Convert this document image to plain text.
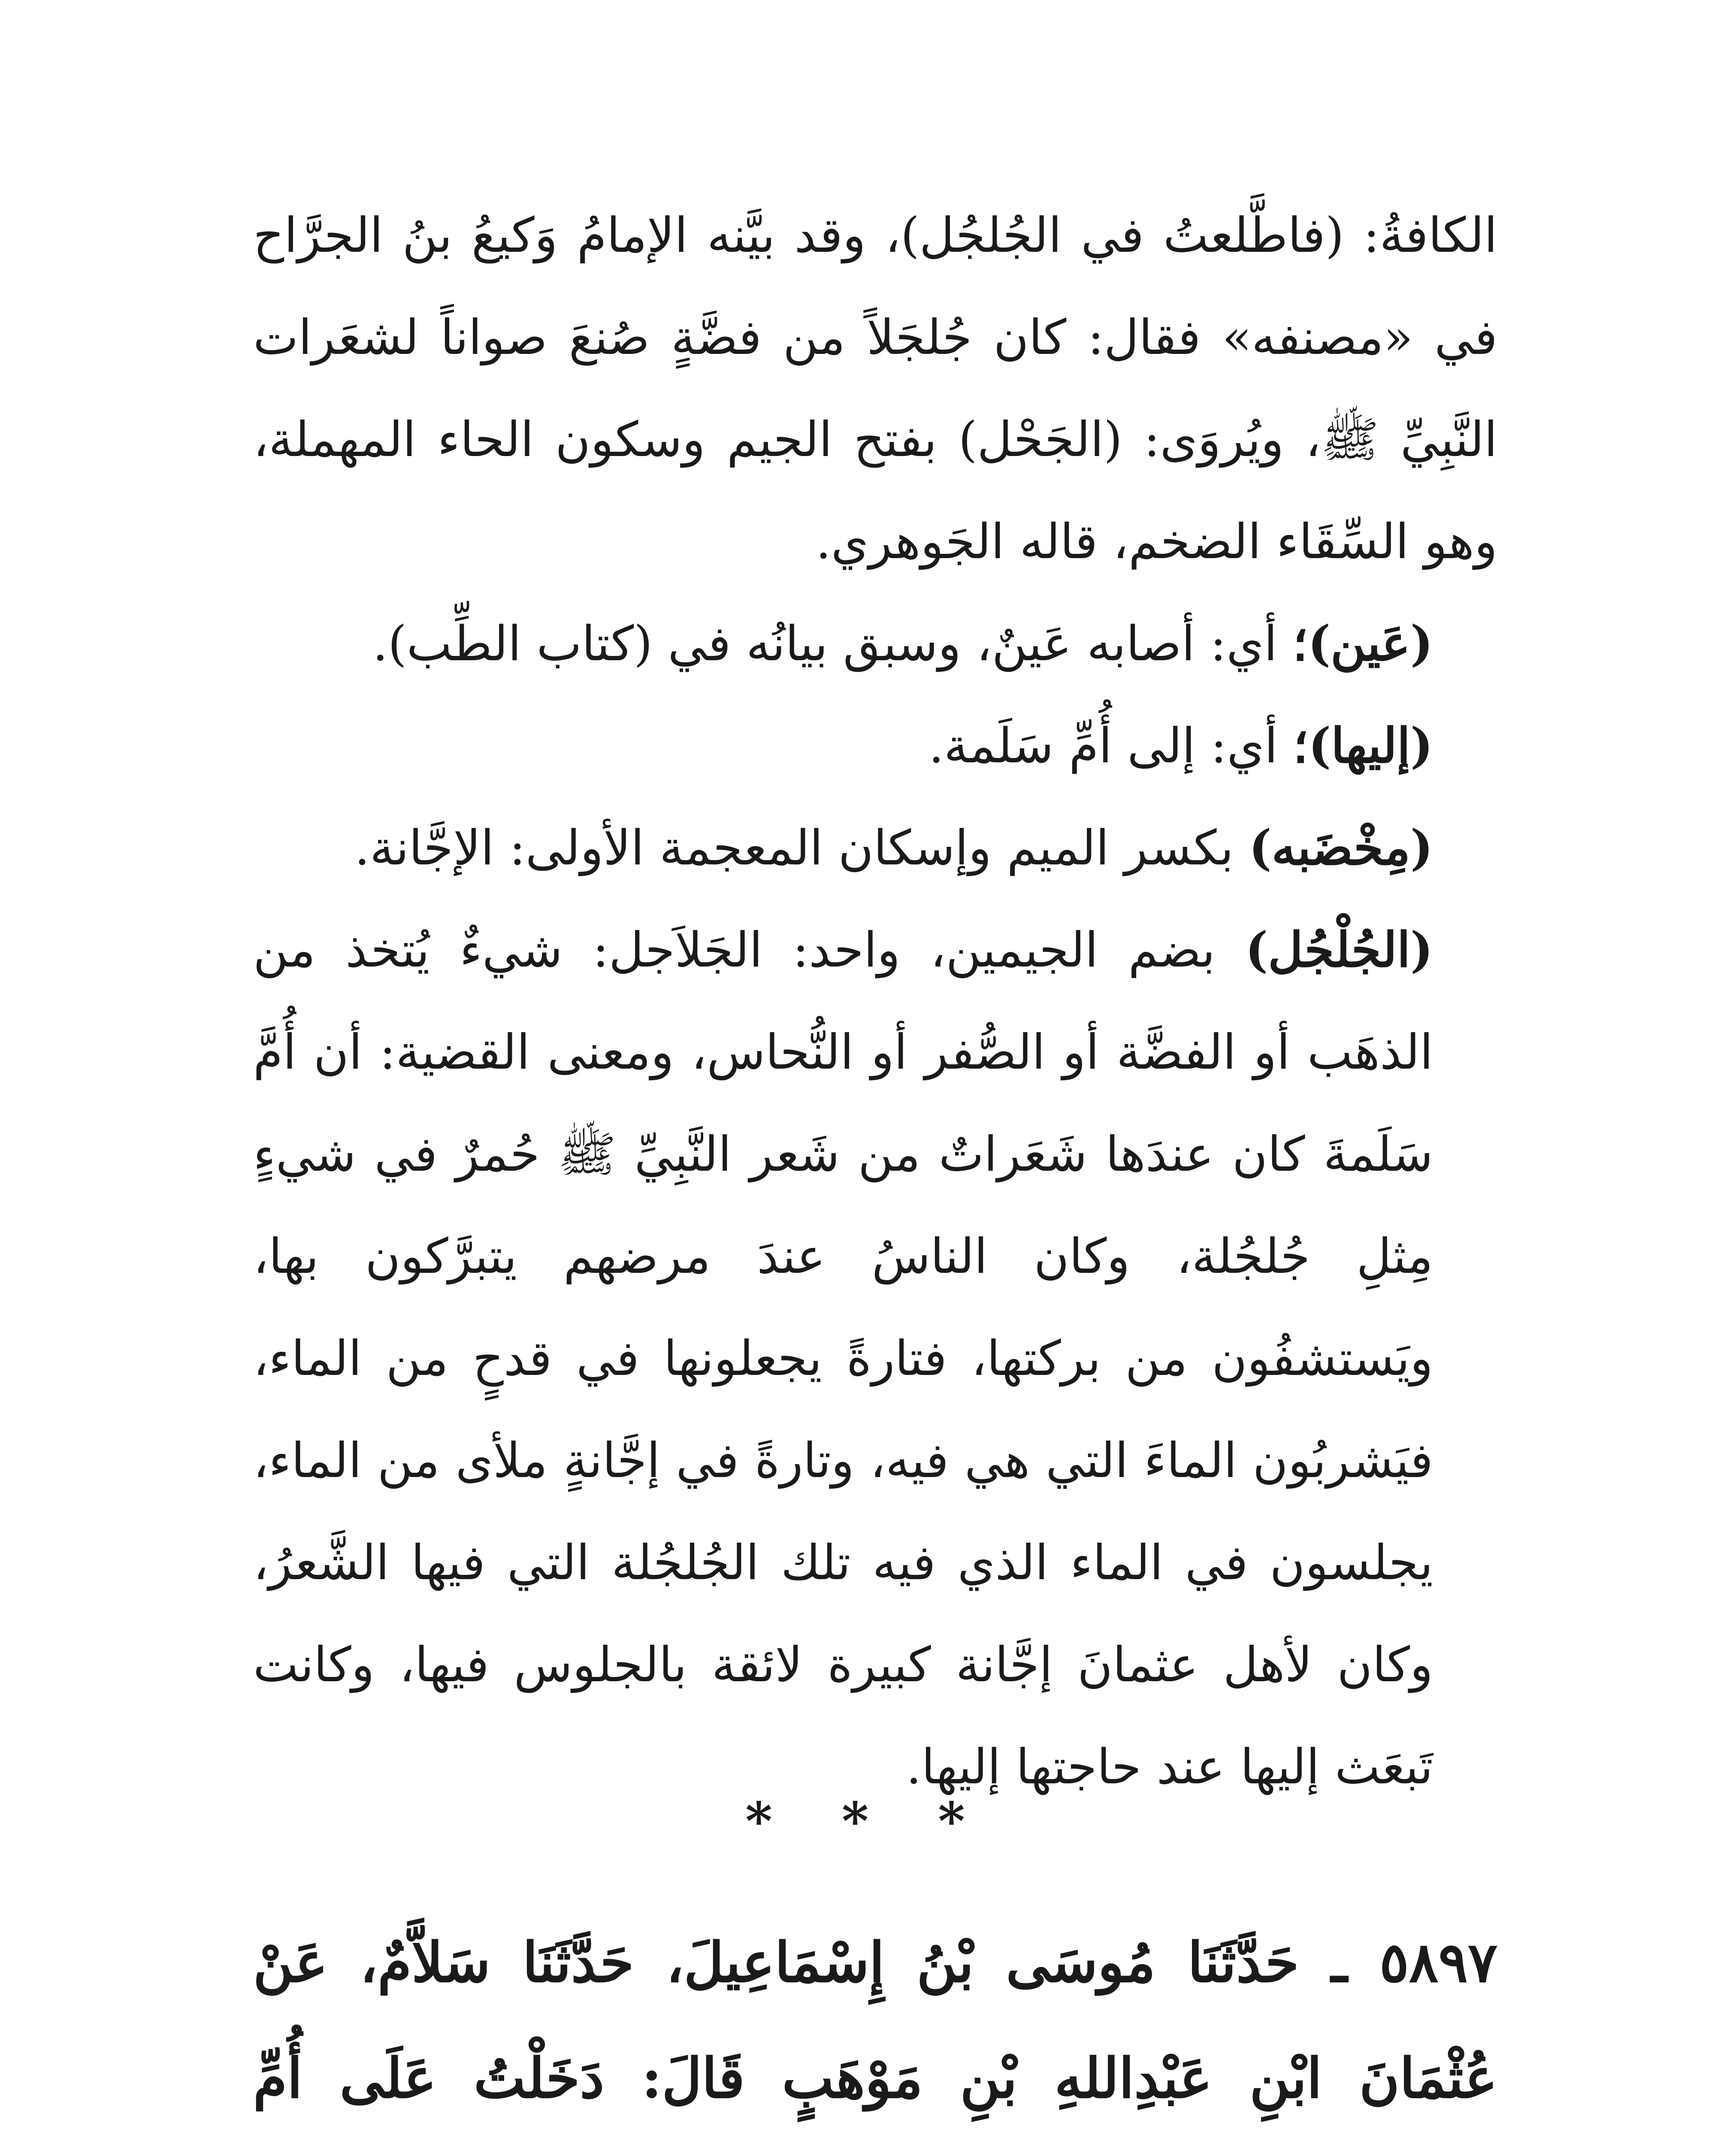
الكافةُ: (فاطَّلعتُ في الجُلجُل)، وقد بيَّنه الإمامُ وَكيعُ بنُ الجرَّاح في «مصنفه» فقال: كان جُلجَلاً من فضَّةٍ صُنعَ صواناً لشعَرات النَّبِيِّ ﷺ، ويُروَى: (الجَحْل) بفتح الجيم وسكون الحاء المهملة، وهو السِّقَاء الضخم، قاله الجَوهري.

(عَين)؛ أي: أصابه عَينٌ، وسبق بيانُه في (كتاب الطِّب).

(إليها)؛ أي: إلى أُمِّ سَلَمة.

(مِخْضَبه) بكسر الميم وإسكان المعجمة الأولى: الإجَّانة.

(الجُلْجُل) بضم الجيمين، واحد: الجَلاَجل: شيءٌ يُتخذ من الذهَب أو الفضَّة أو الصُّفر أو النُّحاس، ومعنى القضية: أن أُمَّ سَلَمةَ كان عندَها شَعَراتٌ من شَعر النَّبِيِّ ﷺ حُمرٌ في شيءٍ مِثلِ جُلجُلة، وكان الناسُ عندَ مرضهم يتبرَّكون بها، ويَستشفُون من بركتها، فتارةً يجعلونها في قدحٍ من الماء، فيَشربُون الماءَ التي هي فيه، وتارةً في إجَّانةٍ ملأى من الماء، يجلسون في الماء الذي فيه تلك الجُلجُلة التي فيها الشَّعرُ، وكان لأهل عثمانَ إجَّانة كبيرة لائقة بالجلوس فيها، وكانت تَبعَث إليها عند حاجتها إليها.

* * *
٥٨٩٧ ـ حَدَّثَنَا مُوسَى بْنُ إِسْمَاعِيلَ، حَدَّثَنَا سَلاَّمٌ، عَنْ عُثْمَانَ ابْنِ عَبْدِاللهِ بْنِ مَوْهَبٍ قَالَ: دَخَلْتُ عَلَى أُمِّ
